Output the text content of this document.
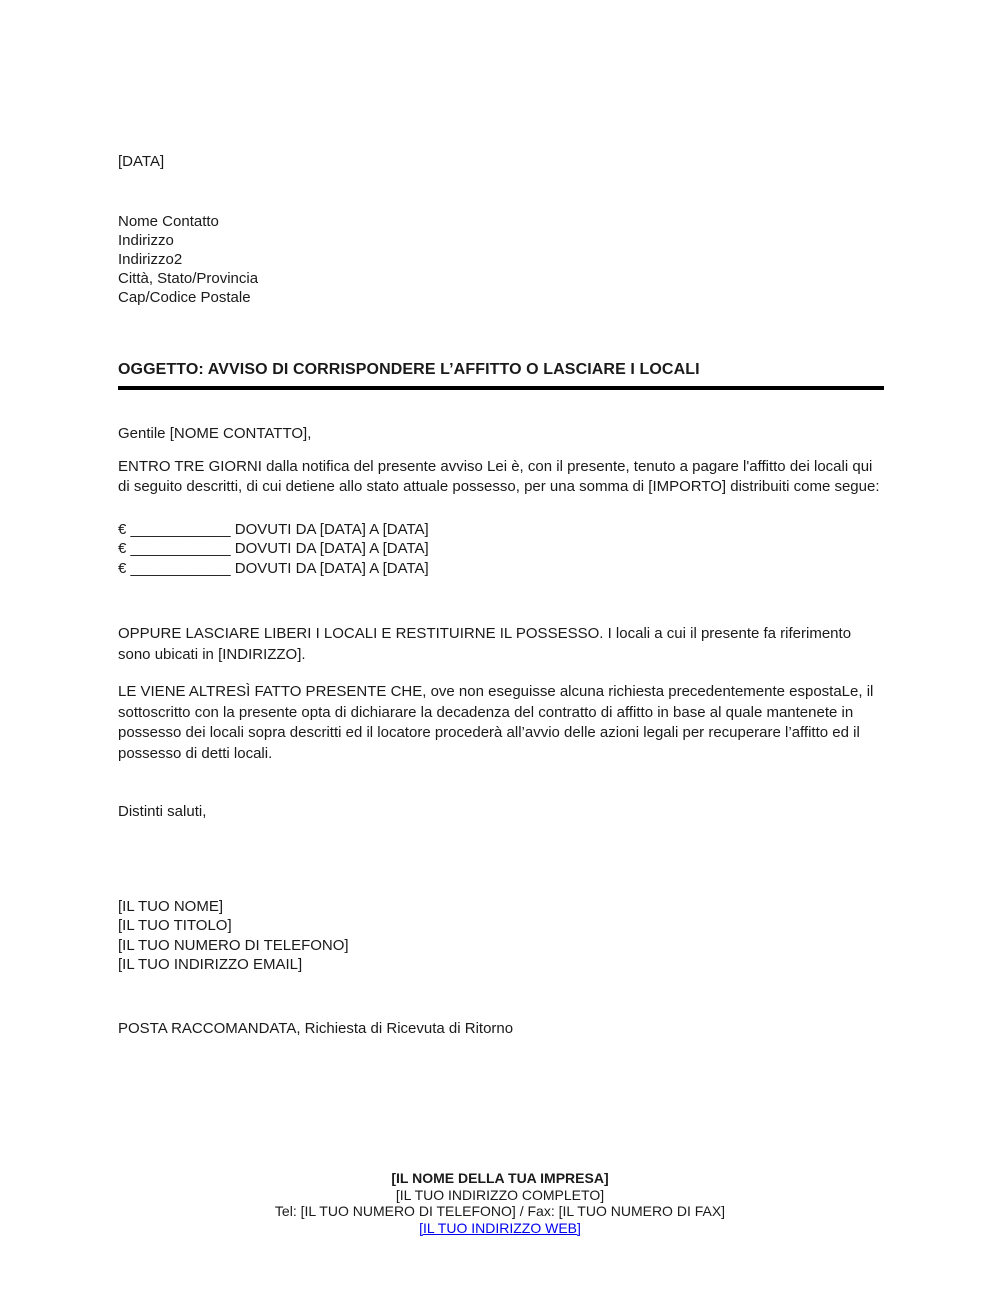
[DATA]
Nome Contatto
Indirizzo
Indirizzo2
Città, Stato/Provincia
Cap/Codice Postale
OGGETTO: AVVISO DI CORRISPONDERE L’AFFITTO O LASCIARE I LOCALI
Gentile [NOME CONTATTO],
ENTRO TRE GIORNI dalla notifica del presente avviso Lei è, con il presente, tenuto a pagare l'affitto dei locali qui di seguito descritti, di cui detiene allo stato attuale possesso, per una somma di [IMPORTO] distribuiti come segue:
€ ____________ DOVUTI DA [DATA] A [DATA]
€ ____________ DOVUTI DA [DATA] A [DATA]
€ ____________ DOVUTI DA [DATA] A [DATA]
OPPURE LASCIARE LIBERI I LOCALI E RESTITUIRNE IL POSSESSO. I locali a cui il presente fa riferimento sono ubicati in [INDIRIZZO].
LE VIENE ALTRESÌ FATTO PRESENTE CHE, ove non eseguisse alcuna richiesta precedentemente espostaLe, il sottoscritto con la presente opta di dichiarare la decadenza del contratto di affitto in base al quale mantenete in possesso dei locali sopra descritti ed il locatore procederà all’avvio delle azioni legali per recuperare l’affitto ed il possesso di detti locali.
Distinti saluti,
[IL TUO NOME]
[IL TUO TITOLO]
[IL TUO NUMERO DI TELEFONO]
[IL TUO INDIRIZZO EMAIL]
POSTA RACCOMANDATA, Richiesta di Ricevuta di Ritorno
[IL NOME DELLA TUA IMPRESA]
[IL TUO INDIRIZZO COMPLETO]
Tel: [IL TUO NUMERO DI TELEFONO] / Fax: [IL TUO NUMERO DI FAX]
[IL TUO INDIRIZZO WEB]
